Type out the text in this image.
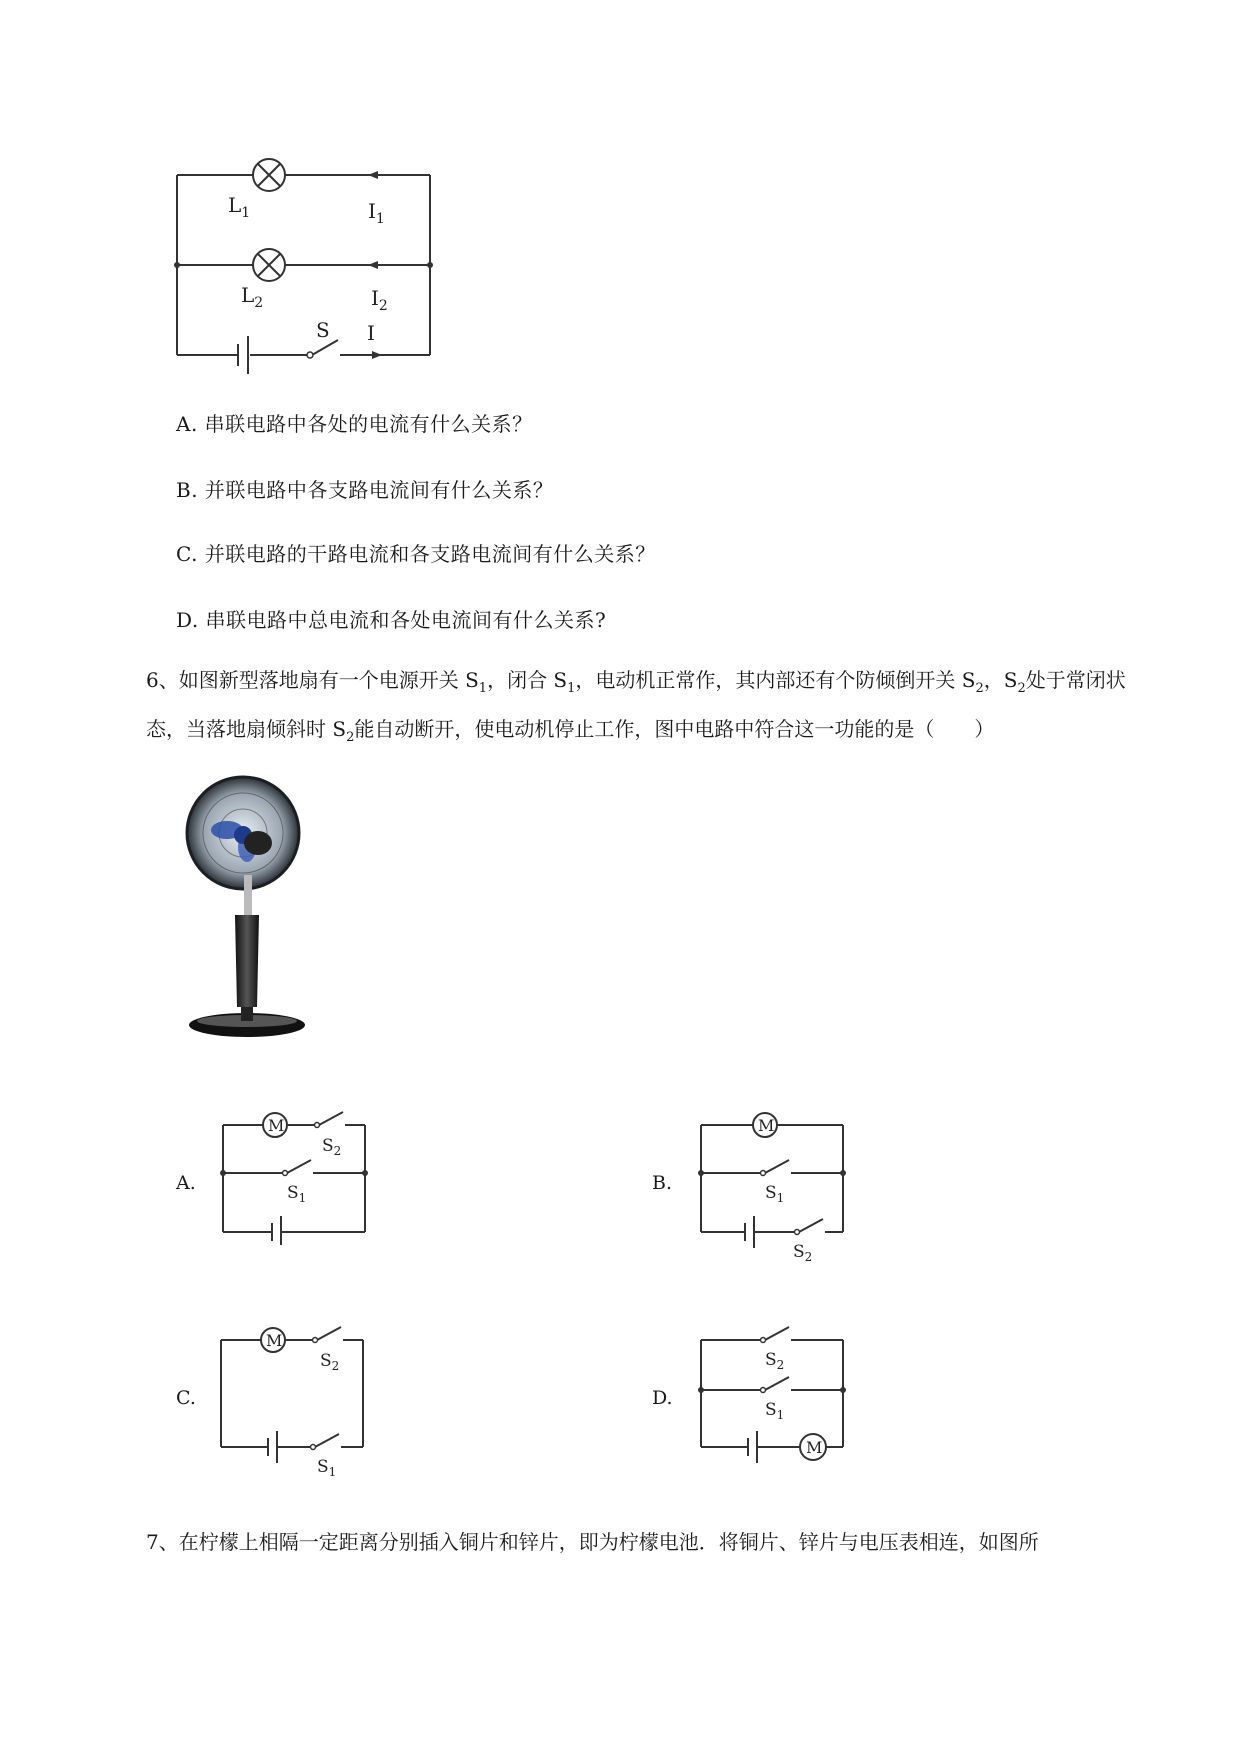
$L_1$	$I_1$
$L_2$	$I_2$
S I
A. 串联电路中各处的电流有什么关系？
B. 并联电路中各支路电流间有什么关系？
C. 并联电路的干路电流和各支路电流间有什么关系？
D. 串联电路中总电流和各处电流间有什么关系?
6、如图新型落地扇有一个电源开关 $S_1$，闭合 $S_1$，电动机正常作，其内部还有个防倾倒开关 $S_2$，$S_2$处于常闭状态，当落地扇倾斜时 $S_2$能自动断开，使电动机停止工作，图中电路中符合这一功能的是（　　）
A.
M
$S_2$
$S_1$
B.
M
$S_1$
$S_2$
C.
M
$S_2$
$S_1$
D.
M
$S_2$
$S_1$
7、在柠檬上相隔一定距离分别插入铜片和锌片，即为柠檬电池．将铜片、锌片与电压表相连，如图所
